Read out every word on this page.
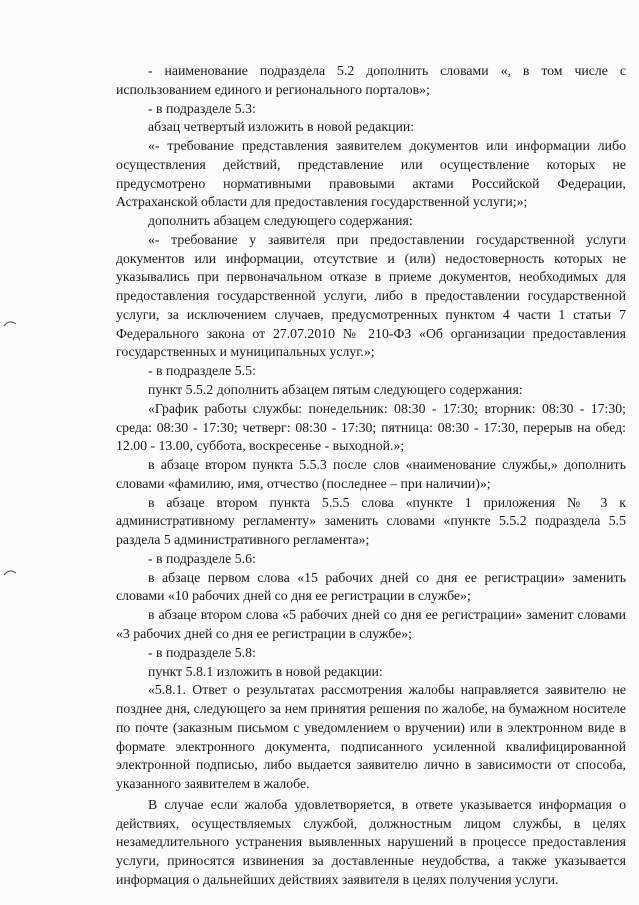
- наименование подраздела 5.2 дополнить словами «, в том числе с использованием единого и регионального порталов»;

- в подразделе 5.3:

абзац четвертый изложить в новой редакции:

«- требование представления заявителем документов или информации либо осуществления действий, представление или осуществление которых не предусмотрено нормативными правовыми актами Российской Федерации, Астраханской области для предоставления государственной услуги;»;

дополнить абзацем следующего содержания:

«- требование у заявителя при предоставлении государственной услуги документов или информации, отсутствие и (или) недостоверность которых не указывались при первоначальном отказе в приеме документов, необходимых для предоставления государственной услуги, либо в предоставлении государственной услуги, за исключением случаев, предусмотренных пунктом 4 части 1 статьи 7 Федерального закона от 27.07.2010 № 210-ФЗ «Об организации предоставления государственных и муниципальных услуг.»;

- в подразделе 5.5:

пункт 5.5.2 дополнить абзацем пятым следующего содержания:

«График работы службы: понедельник: 08:30 - 17:30; вторник: 08:30 - 17:30; среда: 08:30 - 17:30; четверг: 08:30 - 17:30; пятница: 08:30 - 17:30, перерыв на обед: 12.00 - 13.00, суббота, воскресенье - выходной.»;

в абзаце втором пункта 5.5.3 после слов «наименование службы,» дополнить словами «фамилию, имя, отчество (последнее – при наличии)»;

в абзаце втором пункта 5.5.5 слова «пункте 1 приложения № 3 к административному регламенту» заменить словами «пункте 5.5.2 подраздела 5.5 раздела 5 административного регламента»;

- в подразделе 5.6:

в абзаце первом слова «15 рабочих дней со дня ее регистрации» заменить словами «10 рабочих дней со дня ее регистрации в службе»;

в абзаце втором слова «5 рабочих дней со дня ее регистрации» заменит словами «3 рабочих дней со дня ее регистрации в службе»;

- в подразделе 5.8:

пункт 5.8.1 изложить в новой редакции:

«5.8.1. Ответ о результатах рассмотрения жалобы направляется заявителю не позднее дня, следующего за нем принятия решения по жалобе, на бумажном носителе по почте (заказным письмом с уведомлением о вручении) или в электронном виде в формате электронного документа, подписанного усиленной квалифицированной электронной подписью, либо выдается заявителю лично в зависимости от способа, указанного заявителем в жалобе.

В случае если жалоба удовлетворяется, в ответе указывается информация о действиях, осуществляемых службой, должностным лицом службы, в целях незамедлительного устранения выявленных нарушений в процессе предоставления услуги, приносятся извинения за доставленные неудобства, а также указывается информация о дальнейших действиях заявителя в целях получения услуги.
